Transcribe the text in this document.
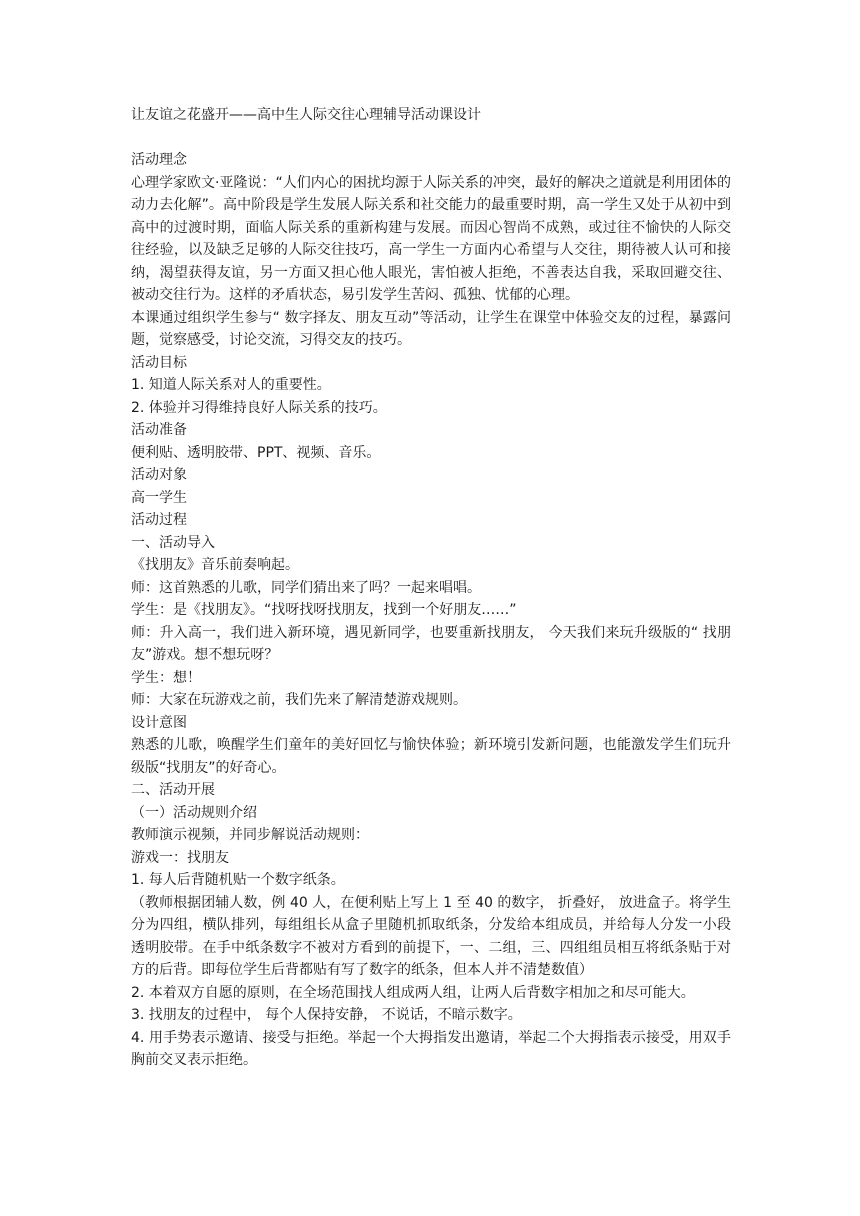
让友谊之花盛开——高中生人际交往心理辅导活动课设计

活动理念

心理学家欧文·亚隆说：“人们内心的困扰均源于人际关系的冲突，最好的解决之道就是利用团体的动力去化解”。高中阶段是学生发展人际关系和社交能力的最重要时期，高一学生又处于从初中到高中的过渡时期，面临人际关系的重新构建与发展。而因心智尚不成熟，或过往不愉快的人际交往经验，以及缺乏足够的人际交往技巧，高一学生一方面内心希望与人交往，期待被人认可和接纳，渴望获得友谊，另一方面又担心他人眼光，害怕被人拒绝，不善表达自我，采取回避交往、被动交往行为。这样的矛盾状态，易引发学生苦闷、孤独、忧郁的心理。

本课通过组织学生参与“ 数字择友、朋友互动”等活动，让学生在课堂中体验交友的过程，暴露问题，觉察感受，讨论交流，习得交友的技巧。

活动目标

1. 知道人际关系对人的重要性。

2. 体验并习得维持良好人际关系的技巧。

活动准备

便利贴、透明胶带、PPT、视频、音乐。

活动对象

高一学生

活动过程

一、活动导入

《找朋友》音乐前奏响起。

师：这首熟悉的儿歌，同学们猜出来了吗？一起来唱唱。

学生：是《找朋友》。“找呀找呀找朋友，找到一个好朋友……”

师：升入高一，我们进入新环境，遇见新同学，也要重新找朋友， 今天我们来玩升级版的“ 找朋友”游戏。想不想玩呀？

学生：想！

师：大家在玩游戏之前，我们先来了解清楚游戏规则。

设计意图

熟悉的儿歌，唤醒学生们童年的美好回忆与愉快体验；新环境引发新问题，也能激发学生们玩升级版“找朋友”的好奇心。

二、活动开展

（一）活动规则介绍

教师演示视频，并同步解说活动规则：

游戏一：找朋友

1. 每人后背随机贴一个数字纸条。

（教师根据团辅人数，例 40 人，在便利贴上写上 1 至 40 的数字， 折叠好， 放进盒子。将学生分为四组，横队排列，每组组长从盒子里随机抓取纸条，分发给本组成员，并给每人分发一小段透明胶带。在手中纸条数字不被对方看到的前提下，一、二组，三、四组组员相互将纸条贴于对方的后背。即每位学生后背都贴有写了数字的纸条，但本人并不清楚数值）

2. 本着双方自愿的原则，在全场范围找人组成两人组，让两人后背数字相加之和尽可能大。

3. 找朋友的过程中， 每个人保持安静， 不说话，不暗示数字。

4. 用手势表示邀请、接受与拒绝。举起一个大拇指发出邀请，举起二个大拇指表示接受，用双手胸前交叉表示拒绝。
